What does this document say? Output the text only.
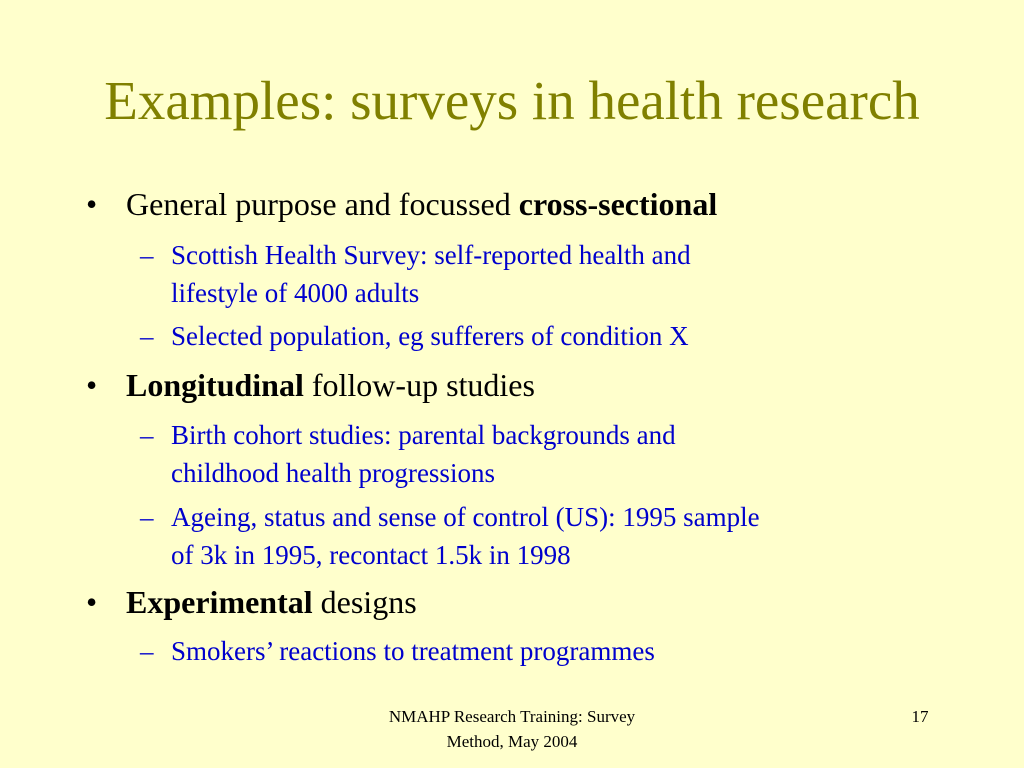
Examples: surveys in health research
• General purpose and focussed cross-sectional
– Scottish Health Survey: self-reported health and
lifestyle of 4000 adults
– Selected population, eg sufferers of condition X
• Longitudinal follow-up studies
– Birth cohort studies: parental backgrounds and
childhood health progressions
– Ageing, status and sense of control (US): 1995 sample
of 3k in 1995, recontact 1.5k in 1998
• Experimental designs
– Smokers’ reactions to treatment programmes
NMAHP Research Training: Survey
Method, May 2004
17
